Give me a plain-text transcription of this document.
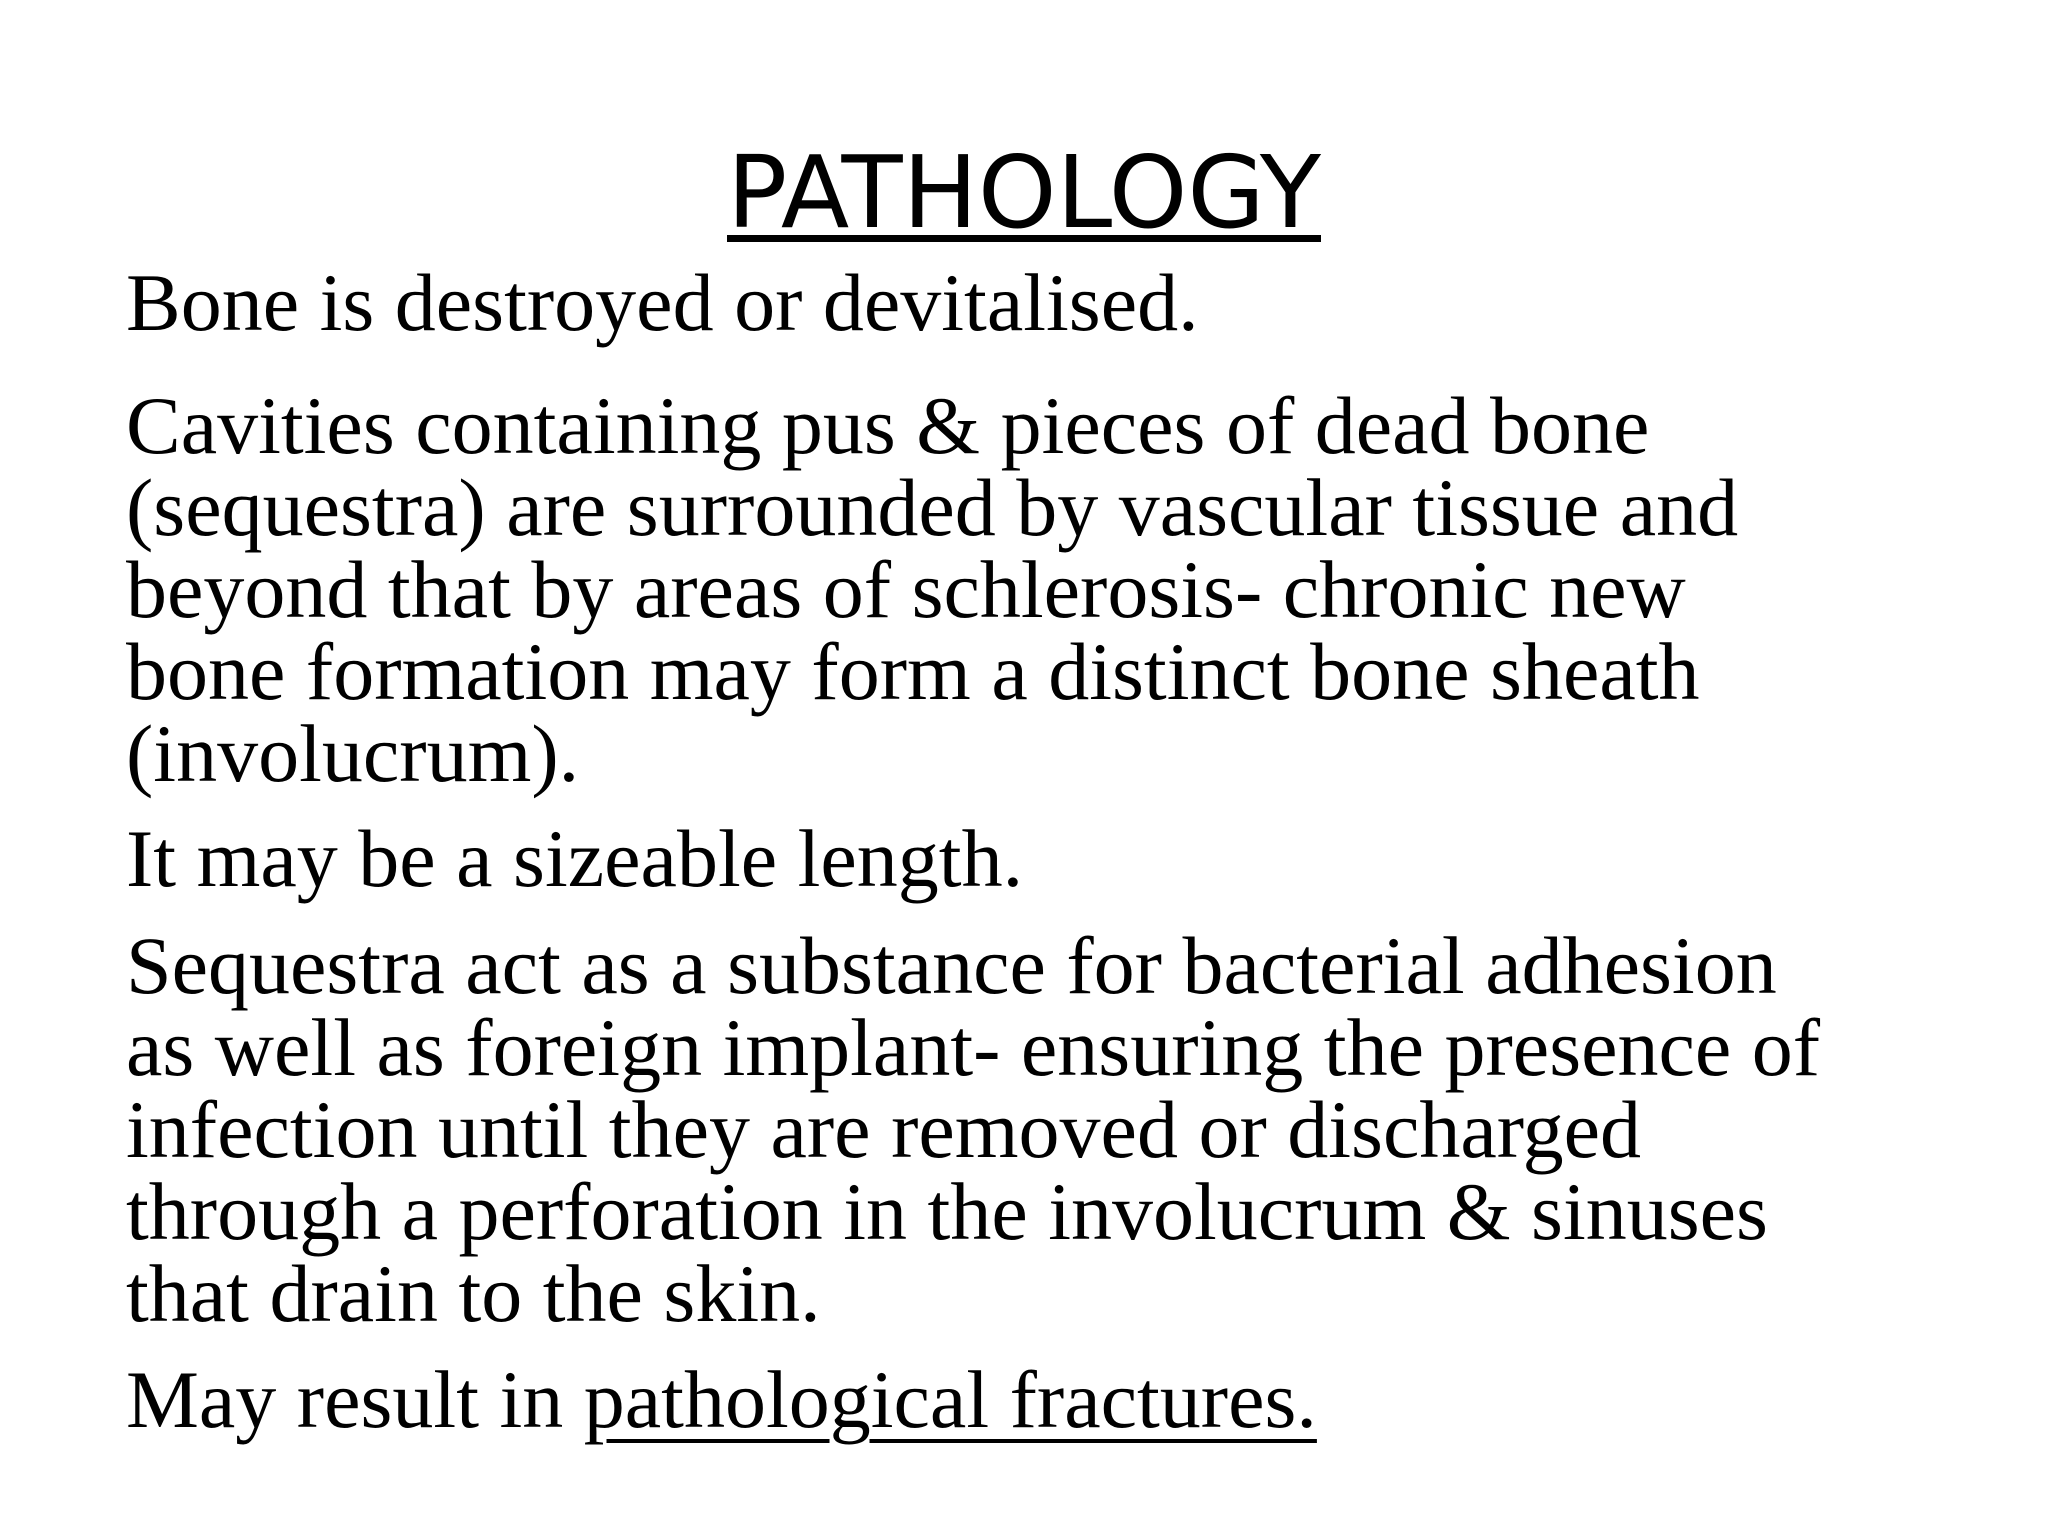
PATHOLOGY

Bone is destroyed or devitalised.

Cavities containing pus & pieces of dead bone
(sequestra) are surrounded by vascular tissue and
beyond that by areas of schlerosis- chronic new
bone formation may form a distinct bone sheath
(involucrum).

It may be a sizeable length.

Sequestra act as a substance for bacterial adhesion
as well as foreign implant- ensuring the presence of
infection until they are removed or discharged
through a perforation in the involucrum & sinuses
that drain to the skin.

May result in pathological fractures.
